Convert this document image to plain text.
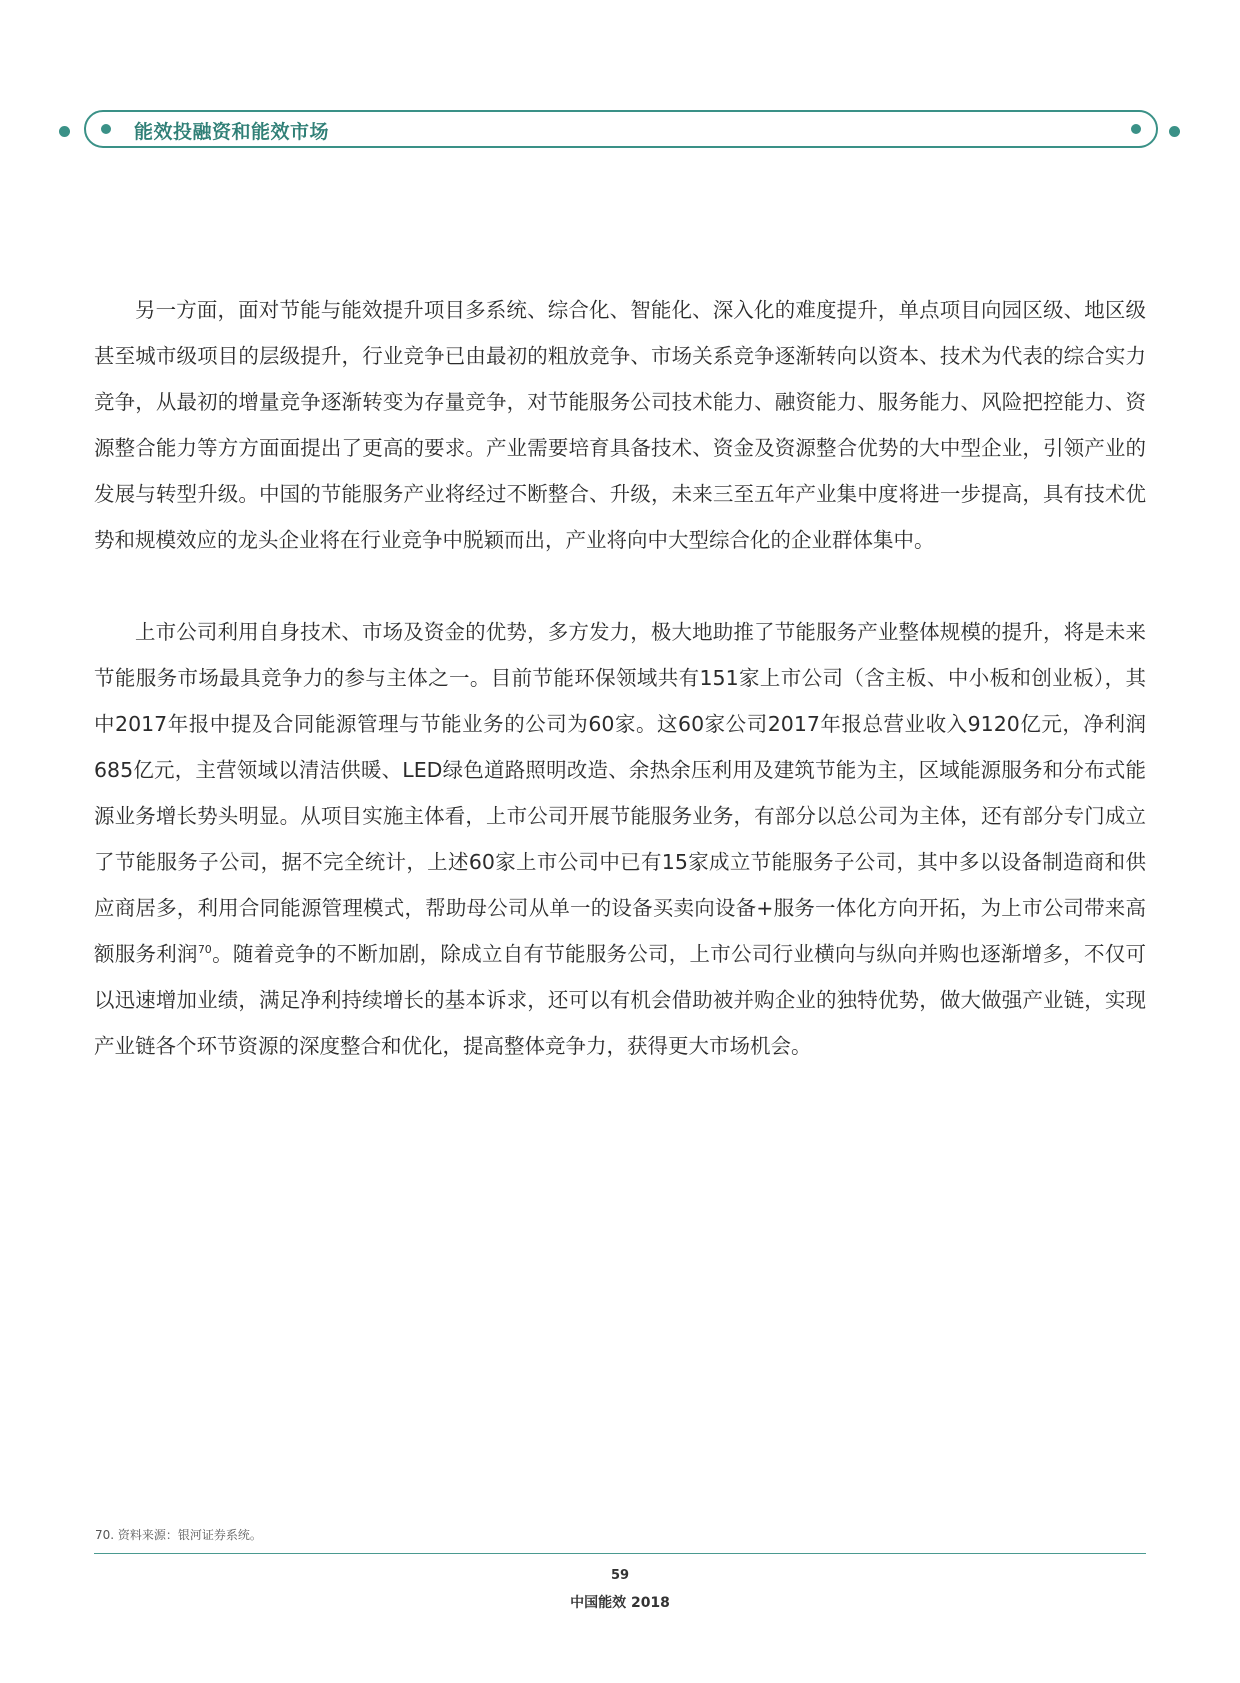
能效投融资和能效市场

另一方面，面对节能与能效提升项目多系统、综合化、智能化、深入化的难度提升，单点项目向园区级、地区级甚至城市级项目的层级提升，行业竞争已由最初的粗放竞争、市场关系竞争逐渐转向以资本、技术为代表的综合实力竞争，从最初的增量竞争逐渐转变为存量竞争，对节能服务公司技术能力、融资能力、服务能力、风险把控能力、资源整合能力等方方面面提出了更高的要求。产业需要培育具备技术、资金及资源整合优势的大中型企业，引领产业的发展与转型升级。中国的节能服务产业将经过不断整合、升级，未来三至五年产业集中度将进一步提高，具有技术优势和规模效应的龙头企业将在行业竞争中脱颖而出，产业将向中大型综合化的企业群体集中。

上市公司利用自身技术、市场及资金的优势，多方发力，极大地助推了节能服务产业整体规模的提升，将是未来节能服务市场最具竞争力的参与主体之一。目前节能环保领域共有151家上市公司（含主板、中小板和创业板），其中2017年报中提及合同能源管理与节能业务的公司为60家。这60家公司2017年报总营业收入9120亿元，净利润685亿元，主营领域以清洁供暖、LED绿色道路照明改造、余热余压利用及建筑节能为主，区域能源服务和分布式能源业务增长势头明显。从项目实施主体看，上市公司开展节能服务业务，有部分以总公司为主体，还有部分专门成立了节能服务子公司，据不完全统计，上述60家上市公司中已有15家成立节能服务子公司，其中多以设备制造商和供应商居多，利用合同能源管理模式，帮助母公司从单一的设备买卖向设备+服务一体化方向开拓，为上市公司带来高额服务利润$^{70}$。随着竞争的不断加剧，除成立自有节能服务公司，上市公司行业横向与纵向并购也逐渐增多，不仅可以迅速增加业绩，满足净利持续增长的基本诉求，还可以有机会借助被并购企业的独特优势，做大做强产业链，实现产业链各个环节资源的深度整合和优化，提高整体竞争力，获得更大市场机会。

70. 资料来源：银河证券系统。
59
中国能效 2018
